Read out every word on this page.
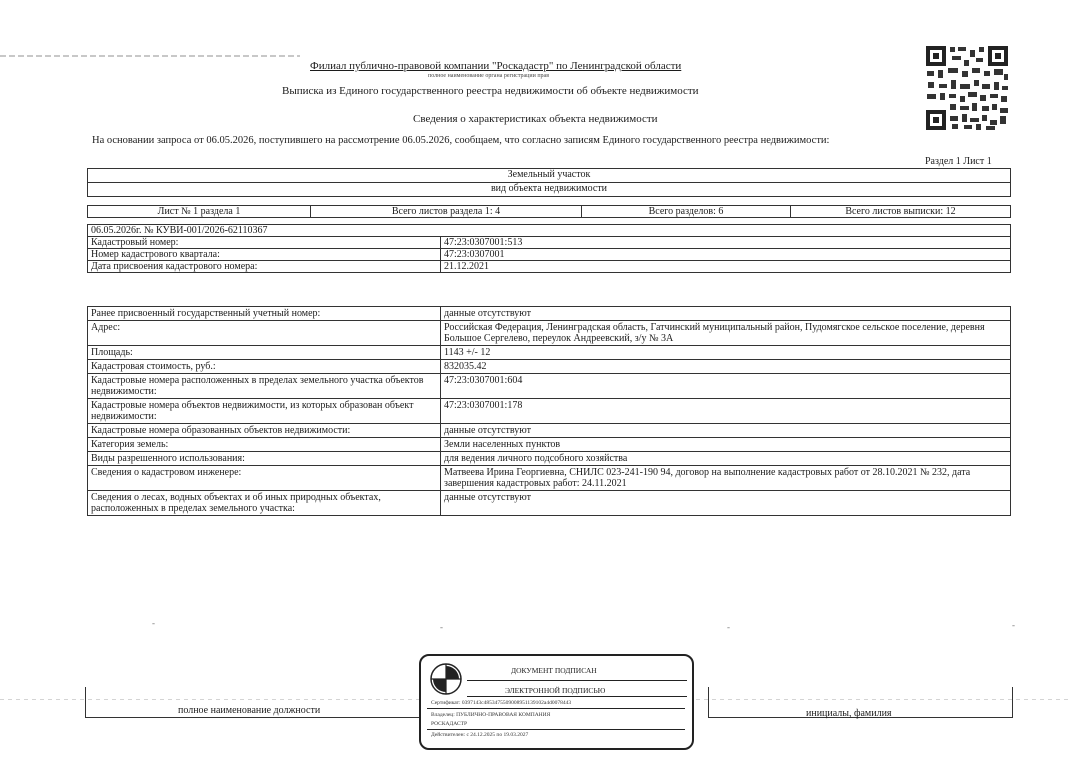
Филиал публично-правовой компании "Роскадастр" по Ленинградской области
полное наименование органа регистрации прав
Выписка из Единого государственного реестра недвижимости об объекте недвижимости
Сведения о характеристиках объекта недвижимости
На основании запроса от 06.05.2026, поступившего на рассмотрение 06.05.2026, сообщаем, что согласно записям Единого государственного реестра недвижимости:
Раздел 1 Лист 1
Земельный участок
вид объекта недвижимости
Лист № 1 раздела 1	Всего листов раздела 1: 4	Всего разделов: 6	Всего листов выписки: 12
06.05.2026г. № КУВИ-001/2026-62110367	
Кадастровый номер:	47:23:0307001:513
Номер кадастрового квартала:	47:23:0307001
Дата присвоения кадастрового номера:	21.12.2021
Ранее присвоенный государственный учетный номер:	данные отсутствуют
Адрес:	Российская Федерация, Ленинградская область, Гатчинский муниципальный район, Пудомягское сельское поселение, деревня Большое Сергелево, переулок Андреевский, з/у № 3А
Площадь:	1143 +/- 12
Кадастровая стоимость, руб.:	832035.42
Кадастровые номера расположенных в пределах земельного участка объектов недвижимости:	47:23:0307001:604
Кадастровые номера объектов недвижимости, из которых образован объект недвижимости:	47:23:0307001:178
Кадастровые номера образованных объектов недвижимости:	данные отсутствуют
Категория земель:	Земли населенных пунктов
Виды разрешенного использования:	для ведения личного подсобного хозяйства
Сведения о кадастровом инженере:	Матвеева Ирина Георгиевна, СНИЛС 023-241-190 94, договор на выполнение кадастровых работ от 28.10.2021 № 232, дата завершения кадастровых работ: 24.11.2021
Сведения о лесах, водных объектах и об иных природных объектах, расположенных в пределах земельного участка:	данные отсутствуют
-	-	-	-
полное наименование должности	инициалы, фамилия
ДОКУМЕНТ ПОДПИСАН
ЭЛЕКТРОННОЙ ПОДПИСЬЮ
Сертификат: 0397143c4853475509008951139102a4d0078443
Владелец: ПУБЛИЧНО-ПРАВОВАЯ КОМПАНИЯ
РОСКАДАСТР
Действителен: с 24.12.2025 по 19.03.2027
